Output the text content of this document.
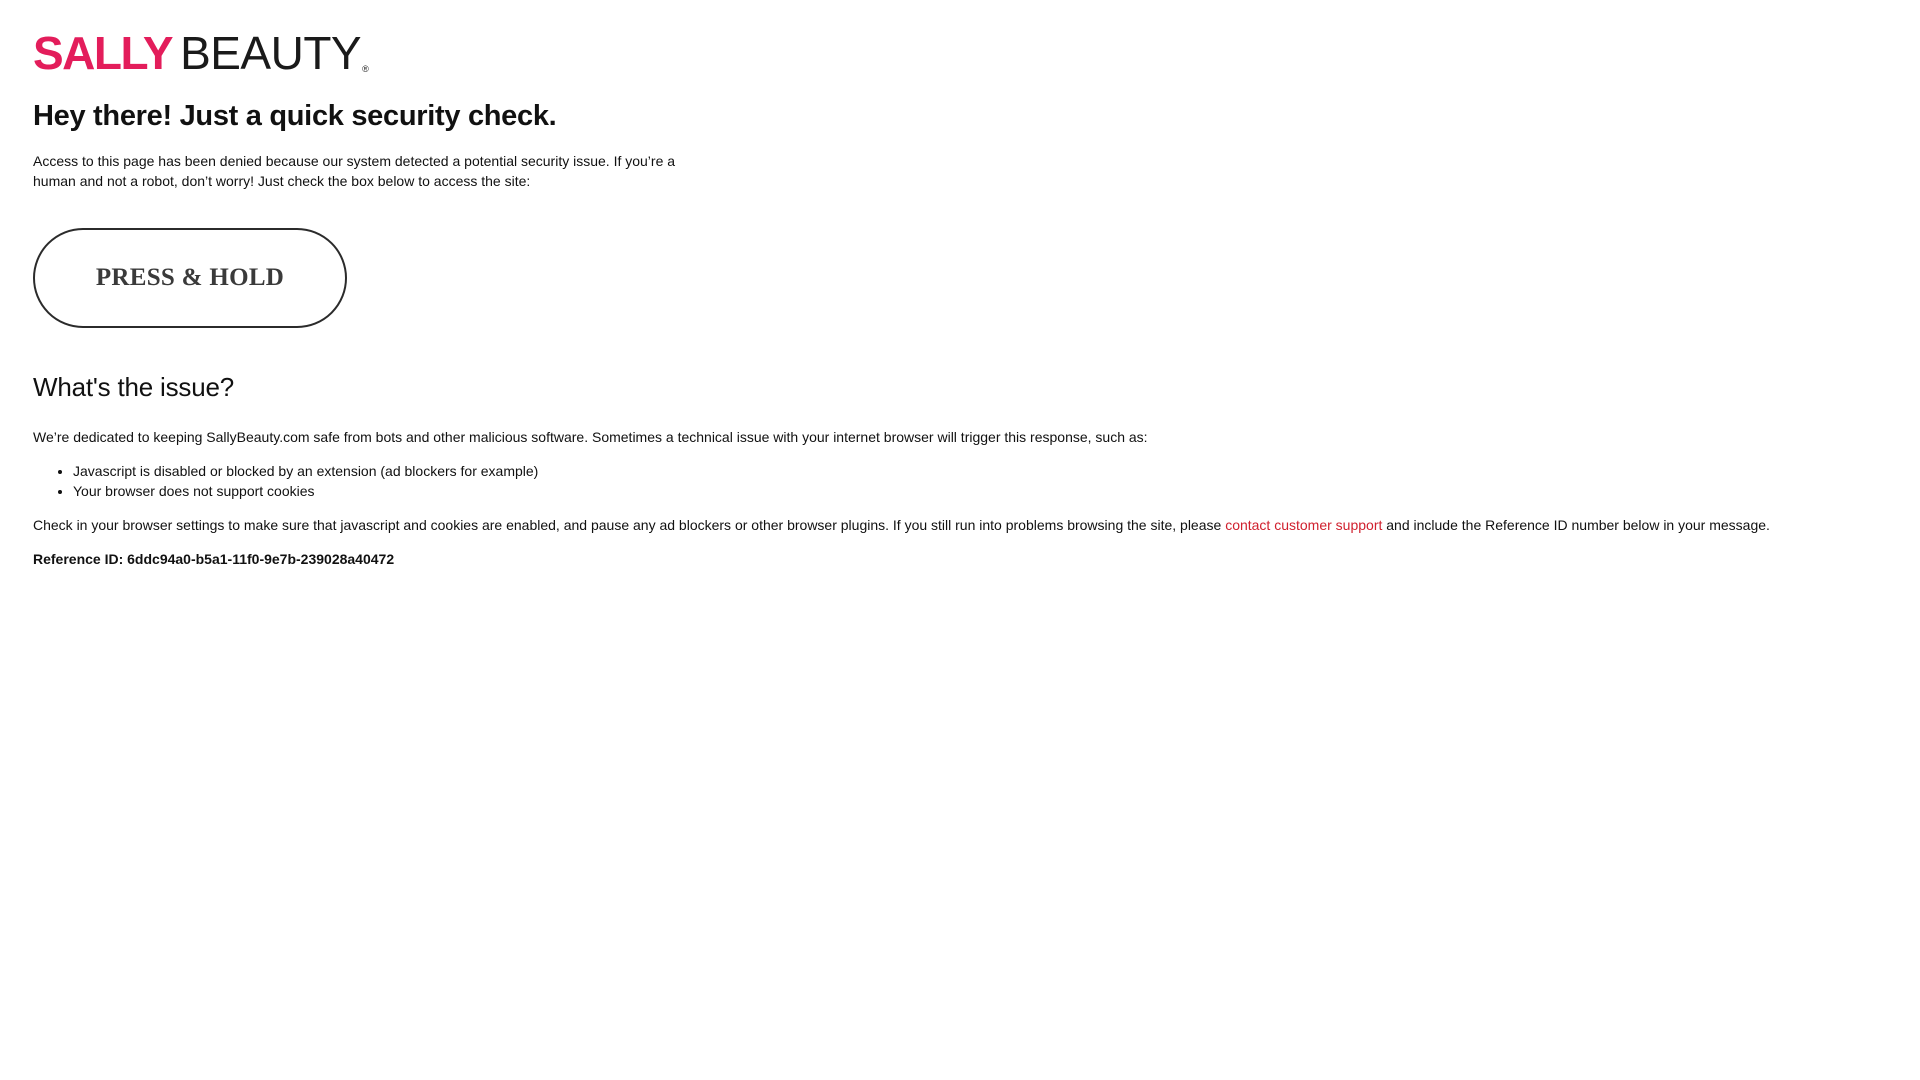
SALLY BEAUTY ®
Hey there! Just a quick security check.

Access to this page has been denied because our system detected a potential security issue. If you’re a human and not a robot, don’t worry! Just check the box below to access the site:

PRESS & HOLD
What's the issue?

We’re dedicated to keeping SallyBeauty.com safe from bots and other malicious software. Sometimes a technical issue with your internet browser will trigger this response, such as:

• Javascript is disabled or blocked by an extension (ad blockers for example)
• Your browser does not support cookies

Check in your browser settings to make sure that javascript and cookies are enabled, and pause any ad blockers or other browser plugins. If you still run into problems browsing the site, please contact customer support and include the Reference ID number below in your message.

Reference ID: 6ddc94a0-b5a1-11f0-9e7b-239028a40472
